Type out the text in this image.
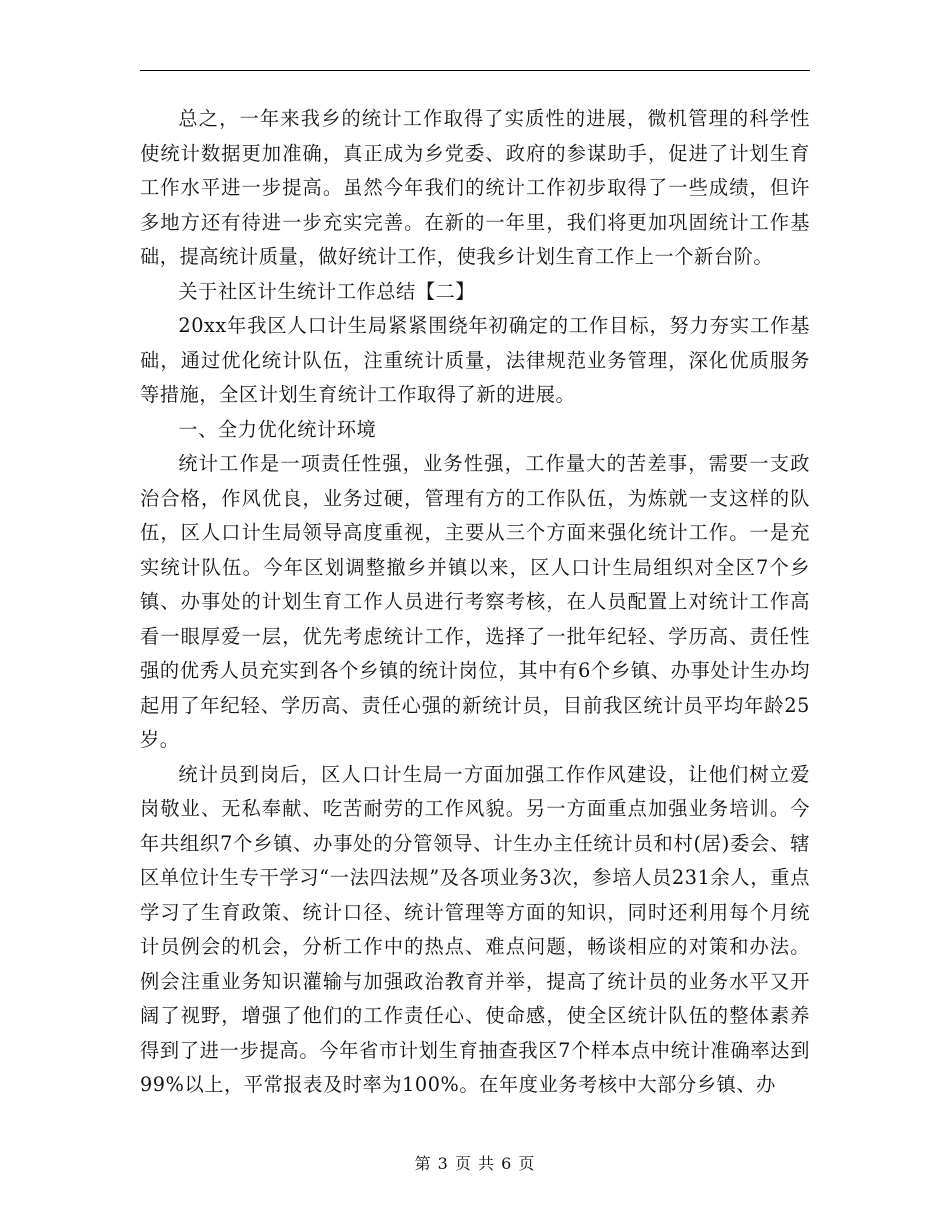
总之，一年来我乡的统计工作取得了实质性的进展，微机管理的科学性使统计数据更加准确，真正成为乡党委、政府的参谋助手，促进了计划生育工作水平进一步提高。虽然今年我们的统计工作初步取得了一些成绩，但许多地方还有待进一步充实完善。在新的一年里，我们将更加巩固统计工作基础，提高统计质量，做好统计工作，使我乡计划生育工作上一个新台阶。

关于社区计生统计工作总结【二】

20xx年我区人口计生局紧紧围绕年初确定的工作目标，努力夯实工作基础，通过优化统计队伍，注重统计质量，法律规范业务管理，深化优质服务等措施，全区计划生育统计工作取得了新的进展。

一、全力优化统计环境

统计工作是一项责任性强，业务性强，工作量大的苦差事，需要一支政治合格，作风优良，业务过硬，管理有方的工作队伍，为炼就一支这样的队伍，区人口计生局领导高度重视，主要从三个方面来强化统计工作。一是充实统计队伍。今年区划调整撤乡并镇以来，区人口计生局组织对全区7个乡镇、办事处的计划生育工作人员进行考察考核，在人员配置上对统计工作高看一眼厚爱一层，优先考虑统计工作，选择了一批年纪轻、学历高、责任性强的优秀人员充实到各个乡镇的统计岗位，其中有6个乡镇、办事处计生办均起用了年纪轻、学历高、责任心强的新统计员，目前我区统计员平均年龄25岁。

统计员到岗后，区人口计生局一方面加强工作作风建设，让他们树立爱岗敬业、无私奉献、吃苦耐劳的工作风貌。另一方面重点加强业务培训。今年共组织7个乡镇、办事处的分管领导、计生办主任统计员和村(居)委会、辖区单位计生专干学习“一法四法规”及各项业务3次，参培人员231余人，重点学习了生育政策、统计口径、统计管理等方面的知识，同时还利用每个月统计员例会的机会，分析工作中的热点、难点问题，畅谈相应的对策和办法。例会注重业务知识灌输与加强政治教育并举，提高了统计员的业务水平又开阔了视野，增强了他们的工作责任心、使命感，使全区统计队伍的整体素养得到了进一步提高。今年省市计划生育抽查我区7个样本点中统计准确率达到99%以上，平常报表及时率为100%。在年度业务考核中大部分乡镇、办

第 3 页 共 6 页
